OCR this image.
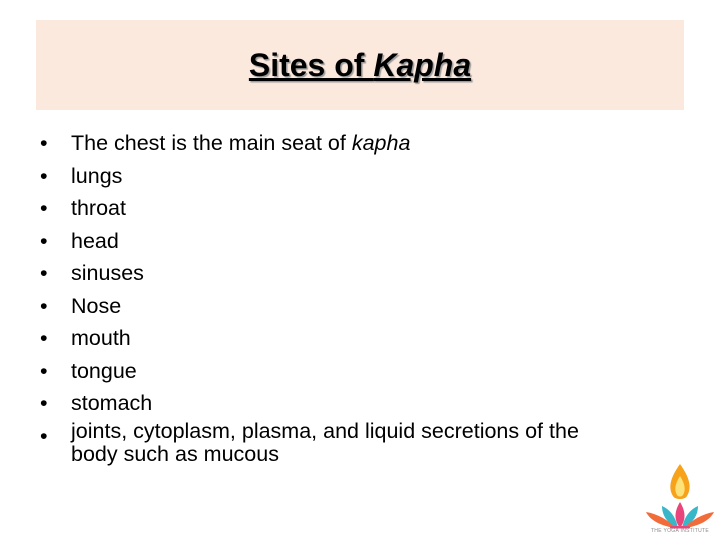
Sites of Kapha
•	The chest is the main seat of kapha
•	lungs
•	throat
•	head
•	sinuses
•	Nose
•	mouth
•	tongue
•	stomach
•	joints, cytoplasm, plasma, and liquid secretions of the
body such as mucous
THE YOGA INSTITUTE
